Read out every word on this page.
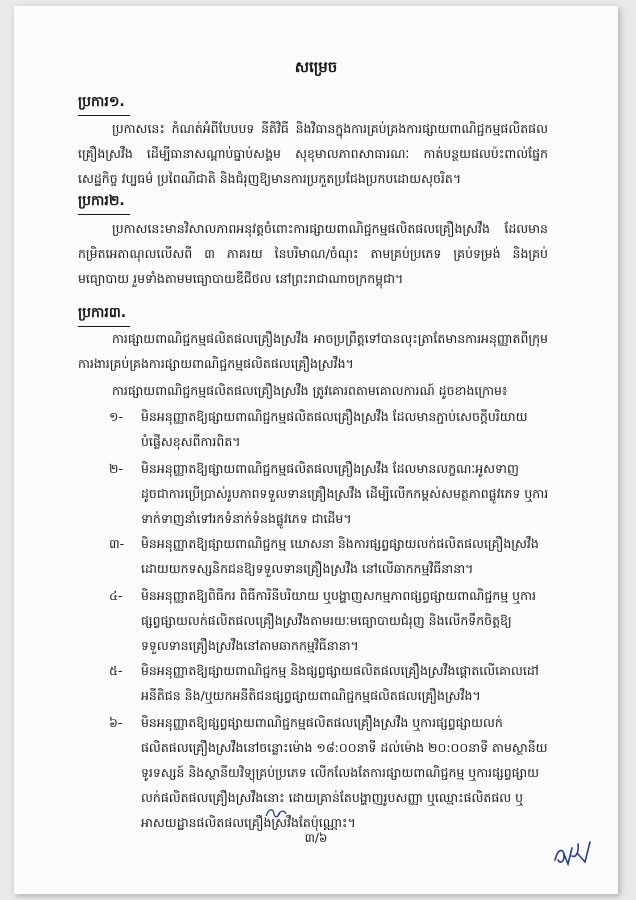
សម្រេច
ប្រការ១.
ប្រកាសនេះ កំណត់អំពីបែបបទ នីតិវិធី និងវិធានក្នុងការគ្រប់គ្រងការផ្សាយពាណិជ្ជកម្មផលិតផលគ្រឿងស្រវឹង ដើម្បីធានាសណ្តាប់ធ្នាប់សង្គម សុខុមាលភាពសាធារណៈ កាត់បន្ថយផលប៉ះពាល់ផ្នែកសេដ្ឋកិច្ច វប្បធម៌ ប្រពៃណីជាតិ និងជំរុញឱ្យមានការប្រកួតប្រជែងប្រកបដោយសុចរិត។
ប្រការ២.
ប្រកាសនេះមានវិសាលភាពអនុវត្តចំពោះការផ្សាយពាណិជ្ជកម្មផលិតផលគ្រឿងស្រវឹង ដែលមានកម្រិតអេតាណុលលើសពី ៣ ភាគរយ នៃបរិមាណ/ចំណុះ តាមគ្រប់ប្រភេទ គ្រប់ទម្រង់ និងគ្រប់មធ្យោបាយ រួមទាំងតាមមធ្យោបាយឌីជីថល នៅព្រះរាជាណាចក្រកម្ពុជា។
ប្រការ៣.
ការផ្សាយពាណិជ្ជកម្មផលិតផលគ្រឿងស្រវឹង អាចប្រព្រឹត្តទៅបានលុះត្រាតែមានការអនុញ្ញាតពីក្រុមការងារគ្រប់គ្រងការផ្សាយពាណិជ្ជកម្មផលិតផលគ្រឿងស្រវឹង។
ការផ្សាយពាណិជ្ជកម្មផលិតផលគ្រឿងស្រវឹង ត្រូវគោរពតាមគោលការណ៍ ដូចខាងក្រោម៖
១-	មិនអនុញ្ញាតឱ្យផ្សាយពាណិជ្ជកម្មផលិតផលគ្រឿងស្រវឹង ដែលមានភ្ជាប់សេចក្តីបរិយាយបំផ្លើសខុសពីការពិត។
២-	មិនអនុញ្ញាតឱ្យផ្សាយពាណិជ្ជកម្មផលិតផលគ្រឿងស្រវឹង ដែលមានលក្ខណៈអូសទាញ ដូចជាការប្រើប្រាស់រូបភាពទទួលទានគ្រឿងស្រវឹង ដើម្បីលើកកម្ពស់សមត្ថភាពផ្លូវភេទ ឬការទាក់ទាញនាំទៅរកទំនាក់ទំនងផ្លូវភេទ ជាដើម។
៣-	មិនអនុញ្ញាតឱ្យផ្សាយពាណិជ្ជកម្ម ឃោសនា និងការផ្សព្វផ្សាយលក់ផលិតផលគ្រឿងស្រវឹង ដោយយកទស្សនិកជនឱ្យទទួលទានគ្រឿងស្រវឹង នៅលើឆាកកម្មវិធីនានា។
៤-	មិនអនុញ្ញាតឱ្យពិធីករ ពិធីការិនីបរិយាយ ឬបង្ហាញសកម្មភាពផ្សព្វផ្សាយពាណិជ្ជកម្ម ឬការផ្សព្វផ្សាយលក់ផលិតផលគ្រឿងស្រវឹងតាមរយៈមធ្យោបាយជំរុញ និងលើកទឹកចិត្តឱ្យទទួលទានគ្រឿងស្រវឹងនៅតាមឆាកកម្មវិធីនានា។
៥-	មិនអនុញ្ញាតឱ្យផ្សាយពាណិជ្ជកម្ម និងផ្សព្វផ្សាយផលិតផលគ្រឿងស្រវឹងផ្តោតលើគោលដៅអនីតិជន និង/ឬយកអនីតិជនផ្សព្វផ្សាយពាណិជ្ជកម្មផលិតផលគ្រឿងស្រវឹង។
៦-	មិនអនុញ្ញាតឱ្យផ្សព្វផ្សាយពាណិជ្ជកម្មផលិតផលគ្រឿងស្រវឹង ឬការផ្សព្វផ្សាយលក់ផលិតផលគ្រឿងស្រវឹងនៅចន្លោះម៉ោង ១៨:០០នាទី ដល់ម៉ោង ២០:០០នាទី តាមស្ថានីយទូរទស្សន៍ និងស្ថានីយវិទ្យុគ្រប់ប្រភេទ លើកលែងតែការផ្សាយពាណិជ្ជកម្ម ឬការផ្សព្វផ្សាយលក់ផលិតផលគ្រឿងស្រវឹងនោះ ដោយគ្រាន់តែបង្ហាញរូបសញ្ញា ឬឈ្មោះផលិតផល ឬអាសយដ្ឋានផលិតផលគ្រឿងស្រវឹងតែប៉ុណ្ណោះ។
៣/៦
